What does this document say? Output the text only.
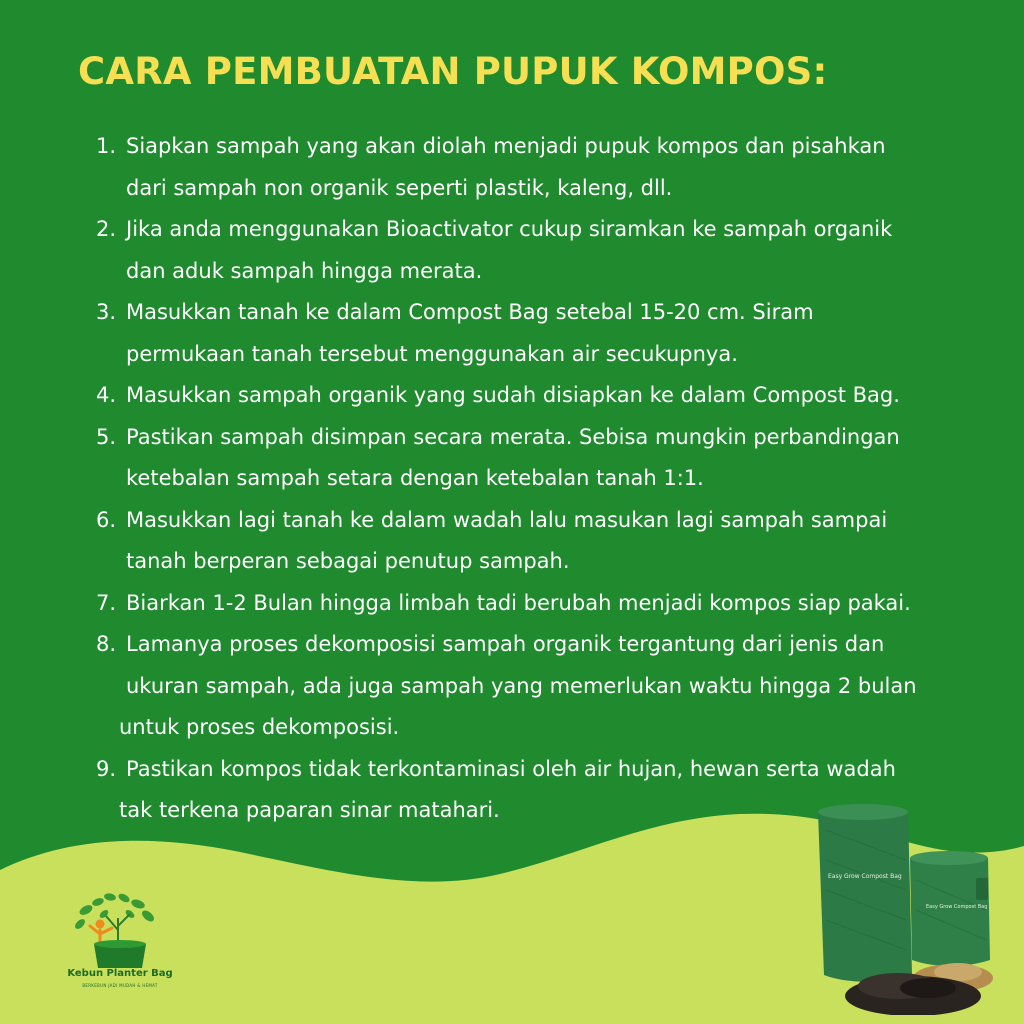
CARA PEMBUATAN PUPUK KOMPOS:
1. Siapkan sampah yang akan diolah menjadi pupuk kompos dan pisahkan
dari sampah non organik seperti plastik, kaleng, dll.
2. Jika anda menggunakan Bioactivator cukup siramkan ke sampah organik
dan aduk sampah hingga merata.
3. Masukkan tanah ke dalam Compost Bag setebal 15-20 cm. Siram
permukaan tanah tersebut menggunakan air secukupnya.
4. Masukkan sampah organik yang sudah disiapkan ke dalam Compost Bag.
5. Pastikan sampah disimpan secara merata. Sebisa mungkin perbandingan
ketebalan sampah setara dengan ketebalan tanah 1:1.
6. Masukkan lagi tanah ke dalam wadah lalu masukan lagi sampah sampai
tanah berperan sebagai penutup sampah.
7. Biarkan 1-2 Bulan hingga limbah tadi berubah menjadi kompos siap pakai.
8. Lamanya proses dekomposisi sampah organik tergantung dari jenis dan
ukuran sampah, ada juga sampah yang memerlukan waktu hingga 2 bulan
untuk proses dekomposisi.
9. Pastikan kompos tidak terkontaminasi oleh air hujan, hewan serta wadah
tak terkena paparan sinar matahari.
Kebun Planter Bag
BERKEBUN JADI MUDAH & HEMAT
Easy Grow Compost Bag
Easy Grow Compost Bag
